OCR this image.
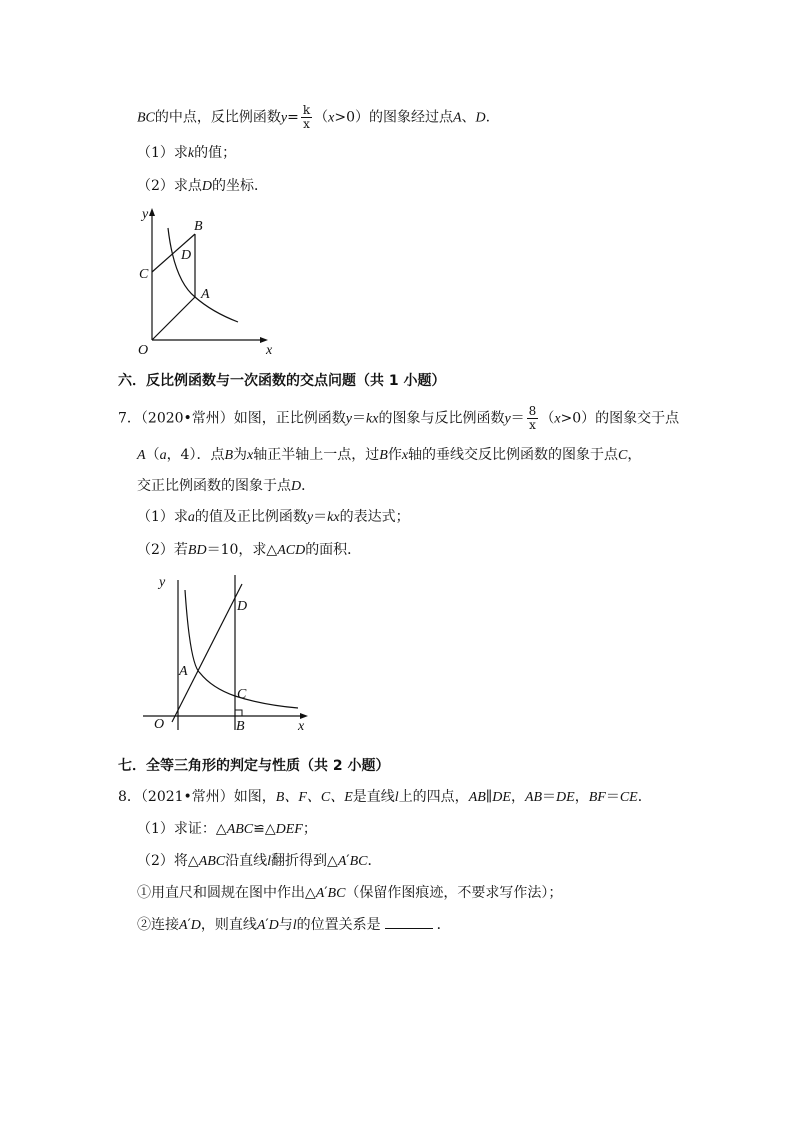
BC的中点，反比例函数$y= \frac{k}{x} (x>0)$的图象经过点A、D.
（1）求k的值；
（2）求点D的坐标．
y
x
O
B
C
D
A
六．反比例函数与一次函数的交点问题（共 1 小题）
7．（2020•常州）如图，正比例函数y＝kx的图象与反比例函数$y= \frac{8}{x} (x>0)$的图象交于点
A（a，4）．点B为x轴正半轴上一点，过B作x轴的垂线交反比例函数的图象于点C，
交正比例函数的图象于点D．
（1）求a的值及正比例函数y＝kx的表达式；
（2）若BD＝10，求△ACD的面积．
y
x
O
A
B
C
D
七．全等三角形的判定与性质（共 2 小题）
8．（2021•常州）如图，B、F、C、E是直线l上的四点，AB∥DE，AB＝DE，BF＝CE．
（1）求证：△ABC≌△DEF；
（2）将△ABC沿直线l翻折得到△A′BC．
①用直尺和圆规在图中作出△A′BC（保留作图痕迹，不要求写作法）；
②连接A′D，则直线A′D与l的位置关系是	．
